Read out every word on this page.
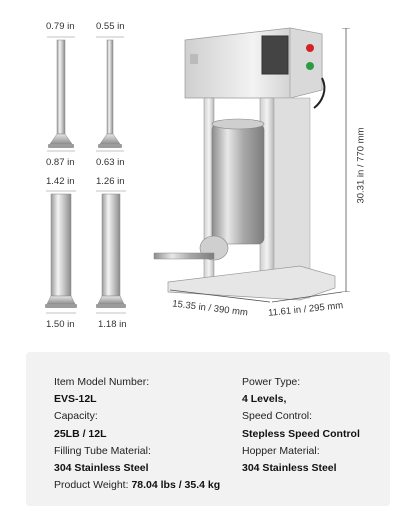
0.79 in 0.55 in
0.87 in 0.63 in
1.42 in 1.26 in
1.50 in 1.18 in
30.31 in / 770 mm
15.35 in / 390 mm 11.61 in / 295 mm
Item Model Number:
EVS-12L
Capacity:
25LB / 12L
Filling Tube Material:
304 Stainless Steel
Product Weight: 78.04 lbs / 35.4 kg
Power Type:
4 Levels,
Speed Control:
Stepless Speed Control
Hopper Material:
304 Stainless Steel
